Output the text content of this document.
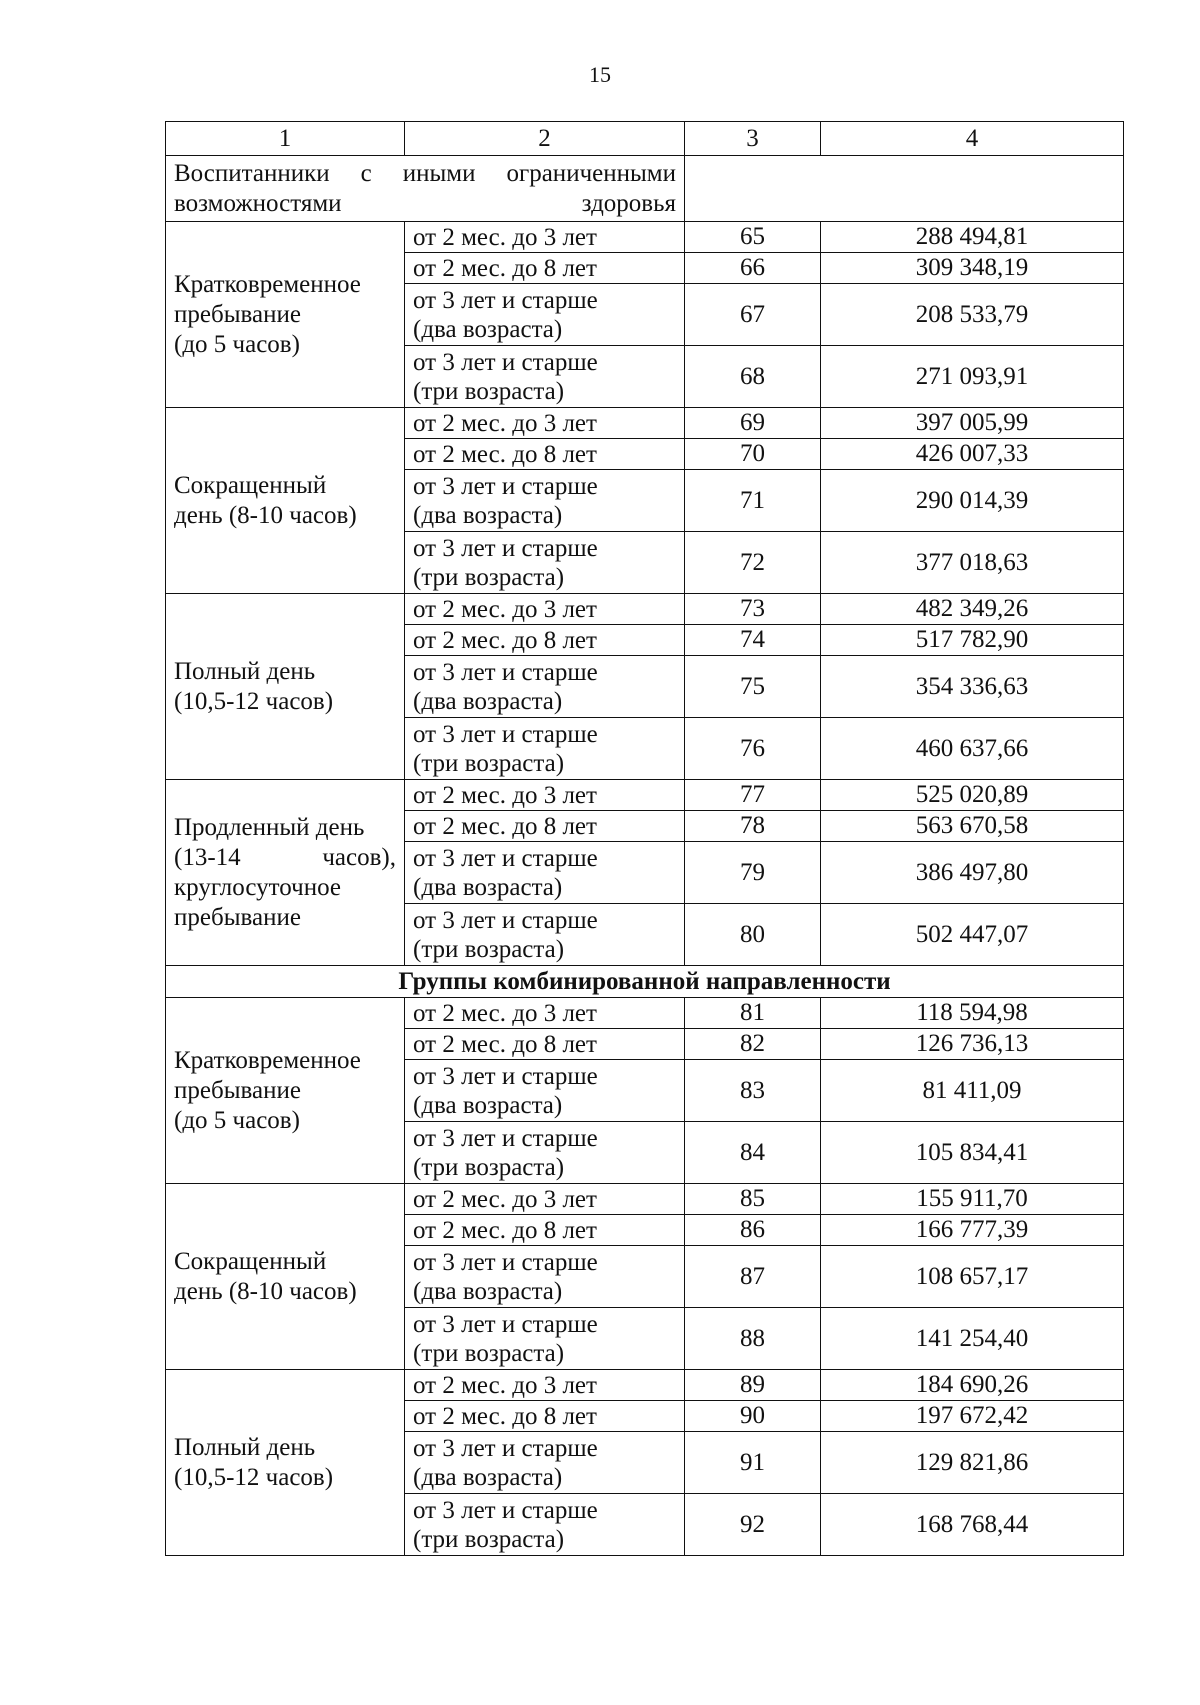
15
1	2	3	4
Воспитанники с иными ограниченными возможностями здоровья			

Кратковременное
пребывание
(до 5 часов)	от 2 мес. до 3 лет	65	288 494,81
	от 2 мес. до 8 лет	66	309 348,19

	от 3 лет и старше
(два возраста)	67	208 533,79

	от 3 лет и старше
(три возраста)	68	271 093,91

Сокращенный
день (8-10 часов)	от 2 мес. до 3 лет	69	397 005,99
	от 2 мес. до 8 лет	70	426 007,33

	от 3 лет и старше
(два возраста)	71	290 014,39

	от 3 лет и старше
(три возраста)	72	377 018,63

Полный день
(10,5-12 часов)	от 2 мес. до 3 лет	73	482 349,26
	от 2 мес. до 8 лет	74	517 782,90

	от 3 лет и старше
(два возраста)	75	354 336,63

	от 3 лет и старше
(три возраста)	76	460 637,66

Продленный день
(13-14 часов),
круглосуточное
пребывание	от 2 мес. до 3 лет	77	525 020,89
	от 2 мес. до 8 лет	78	563 670,58

	от 3 лет и старше
(два возраста)	79	386 497,80

	от 3 лет и старше
(три возраста)	80	502 447,07
Группы комбинированной направленности			

Кратковременное
пребывание
(до 5 часов)	от 2 мес. до 3 лет	81	118 594,98
	от 2 мес. до 8 лет	82	126 736,13

	от 3 лет и старше
(два возраста)	83	81 411,09

	от 3 лет и старше
(три возраста)	84	105 834,41

Сокращенный
день (8-10 часов)	от 2 мес. до 3 лет	85	155 911,70
	от 2 мес. до 8 лет	86	166 777,39

	от 3 лет и старше
(два возраста)	87	108 657,17

	от 3 лет и старше
(три возраста)	88	141 254,40

Полный день
(10,5-12 часов)	от 2 мес. до 3 лет	89	184 690,26
	от 2 мес. до 8 лет	90	197 672,42

	от 3 лет и старше
(два возраста)	91	129 821,86

	от 3 лет и старше
(три возраста)	92	168 768,44
